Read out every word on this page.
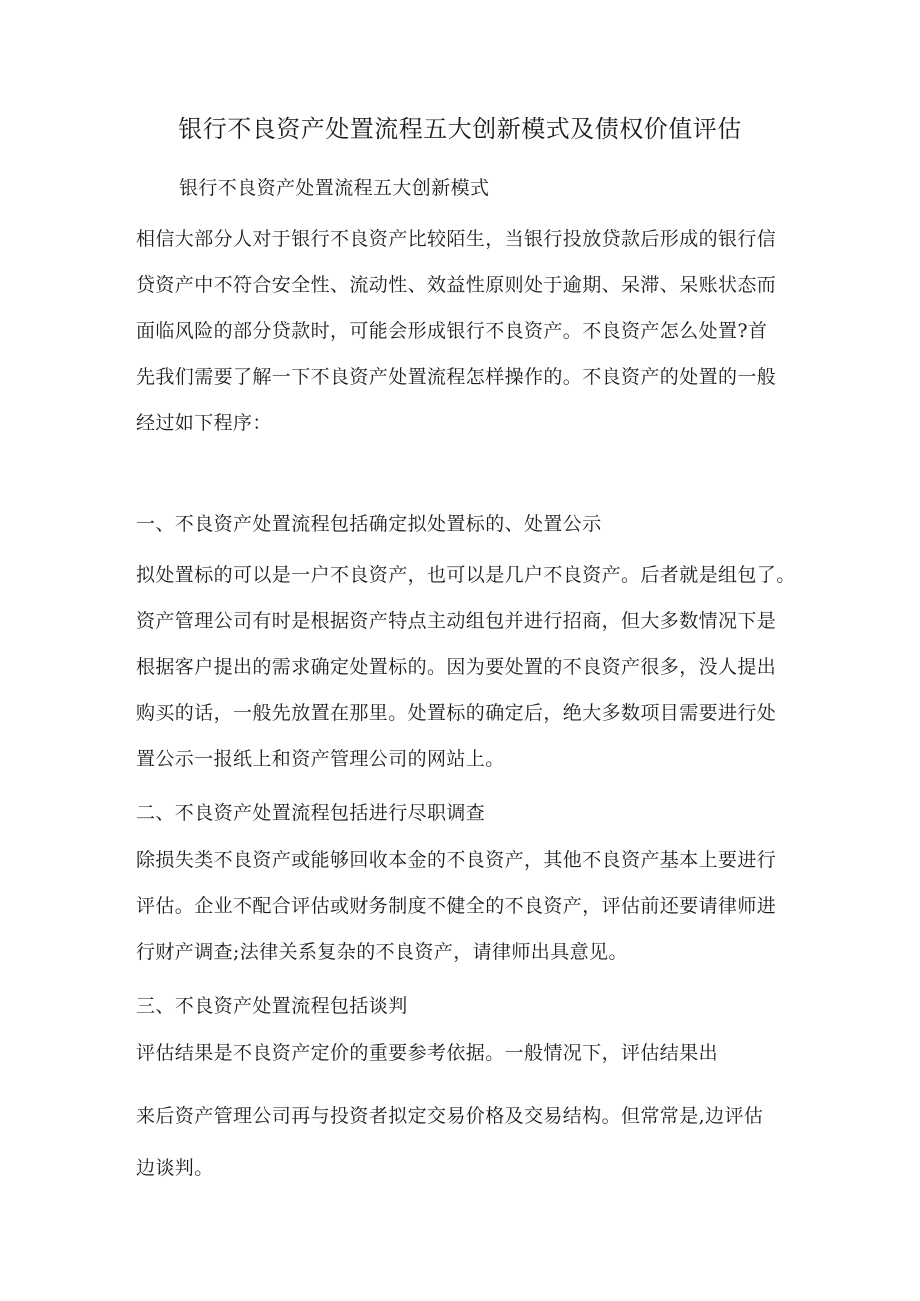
银行不良资产处置流程五大创新模式及债权价值评估
银行不良资产处置流程五大创新模式

相信大部分人对于银行不良资产比较陌生，当银行投放贷款后形成的银行信
贷资产中不符合安全性、流动性、效益性原则处于逾期、呆滞、呆账状态而
面临风险的部分贷款时，可能会形成银行不良资产。不良资产怎么处置?首
先我们需要了解一下不良资产处置流程怎样操作的。不良资产的处置的一般
经过如下程序：

一、不良资产处置流程包括确定拟处置标的、处置公示

拟处置标的可以是一户不良资产，也可以是几户不良资产。后者就是组包了。
资产管理公司有时是根据资产特点主动组包并进行招商，但大多数情况下是
根据客户提出的需求确定处置标的。因为要处置的不良资产很多，没人提出
购买的话，一般先放置在那里。处置标的确定后，绝大多数项目需要进行处
置公示一报纸上和资产管理公司的网站上。

二、不良资产处置流程包括进行尽职调查

除损失类不良资产或能够回收本金的不良资产，其他不良资产基本上要进行
评估。企业不配合评估或财务制度不健全的不良资产，评估前还要请律师进
行财产调查;法律关系复杂的不良资产，请律师出具意见。

三、不良资产处置流程包括谈判

评估结果是不良资产定价的重要参考依据。一般情况下，评估结果出

来后资产管理公司再与投资者拟定交易价格及交易结构。但常常是,边评估
边谈判。
